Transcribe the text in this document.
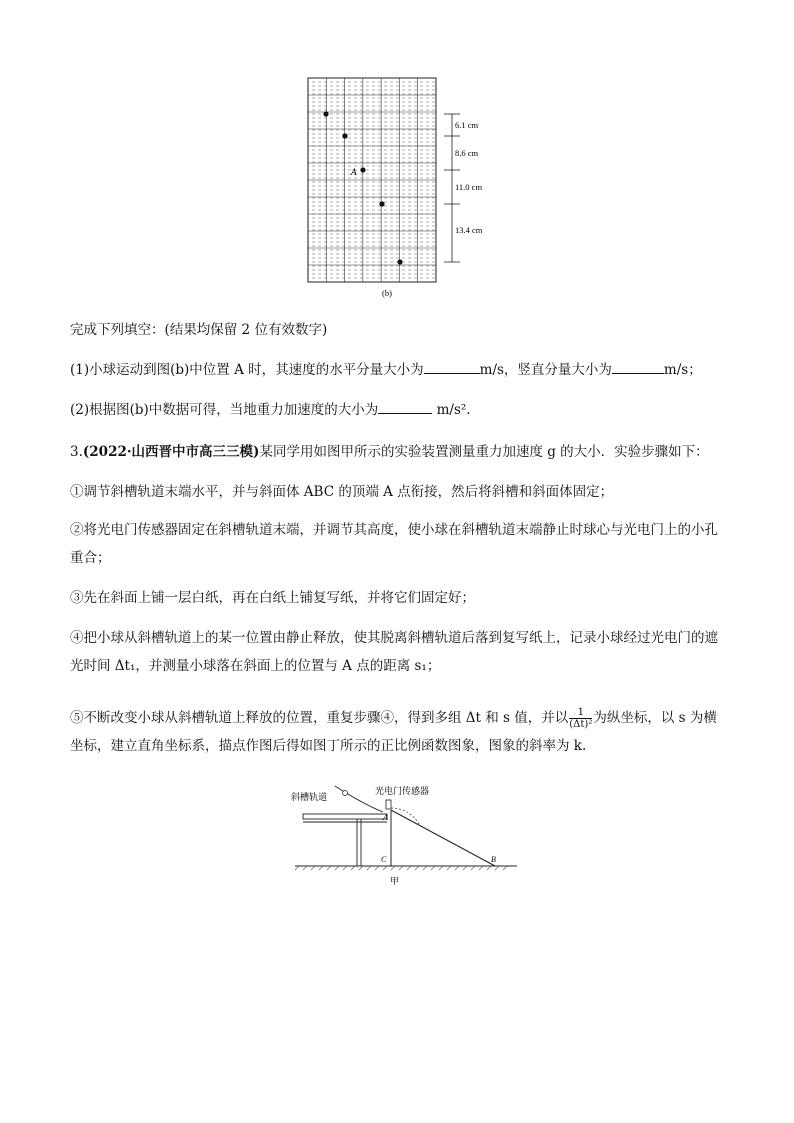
A
6.1 cm
8.6 cm
11.0 cm
13.4 cm
(b)
完成下列填空：(结果均保留 2 位有效数字)
(1)小球运动到图(b)中位置 A 时，其速度的水平分量大小为	m/s，竖直分量大小为	m/s；
(2)根据图(b)中数据可得，当地重力加速度的大小为	m/s².
3.(2022·山西晋中市高三三模)某同学用如图甲所示的实验装置测量重力加速度 g 的大小．实验步骤如下：
①调节斜槽轨道末端水平，并与斜面体 ABC 的顶端 A 点衔接，然后将斜槽和斜面体固定；
②将光电门传感器固定在斜槽轨道末端，并调节其高度，使小球在斜槽轨道末端静止时球心与光电门上的小孔重合；
③先在斜面上铺一层白纸，再在白纸上铺复写纸，并将它们固定好；
④把小球从斜槽轨道上的某一位置由静止释放，使其脱离斜槽轨道后落到复写纸上，记录小球经过光电门的遮光时间 Δt₁，并测量小球落在斜面上的位置与 A 点的距离 s₁；
⑤不断改变小球从斜槽轨道上释放的位置，重复步骤④，得到多组 Δt 和 s 值，并以 $\frac{1}{\text{(Δt)²}}$ 为纵坐标，以 s 为横坐标，建立直角坐标系，描点作图后得如图丁所示的正比例函数图象，图象的斜率为 k.
斜槽轨道
光电门传感器
A
C	B
甲
